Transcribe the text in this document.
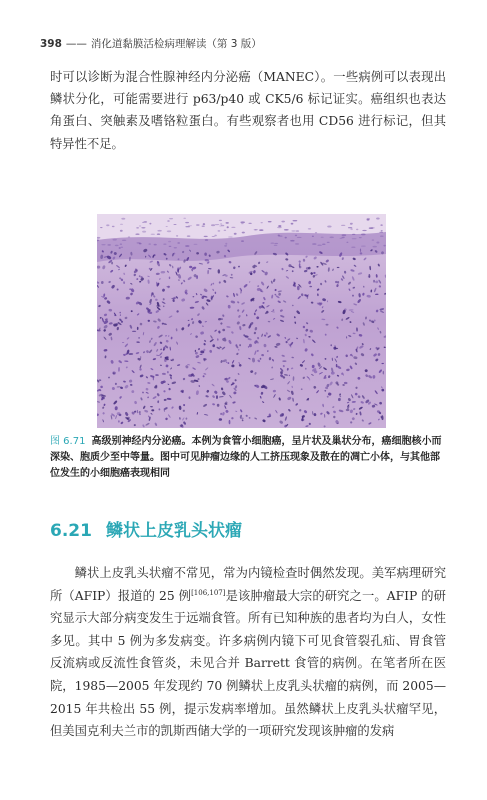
398 —— 消化道黏膜活检病理解读（第 3 版）
时可以诊断为混合性腺神经内分泌癌（MANEC）。一些病例可以表现出鳞状分化，可能需要进行 p63/p40 或 CK5/6 标记证实。癌组织也表达角蛋白、突触素及嗜铬粒蛋白。有些观察者也用 CD56 进行标记，但其特异性不足。
图 6.71 高级别神经内分泌癌。本例为食管小细胞癌，呈片状及巢状分布，癌细胞核小而深染、胞质少至中等量。图中可见肿瘤边缘的人工挤压现象及散在的凋亡小体，与其他部位发生的小细胞癌表现相同
6.21 鳞状上皮乳头状瘤
鳞状上皮乳头状瘤不常见，常为内镜检查时偶然发现。美军病理研究所（AFIP）报道的 25 例[106,107]是该肿瘤最大宗的研究之一。AFIP 的研究显示大部分病变发生于远端食管。所有已知种族的患者均为白人，女性多见。其中 5 例为多发病变。许多病例内镜下可见食管裂孔疝、胃食管反流病或反流性食管炎，未见合并 Barrett 食管的病例。在笔者所在医院，1985—2005 年发现约 70 例鳞状上皮乳头状瘤的病例，而 2005—2015 年共检出 55 例，提示发病率增加。虽然鳞状上皮乳头状瘤罕见，但美国克利夫兰市的凯斯西储大学的一项研究发现该肿瘤的发病
